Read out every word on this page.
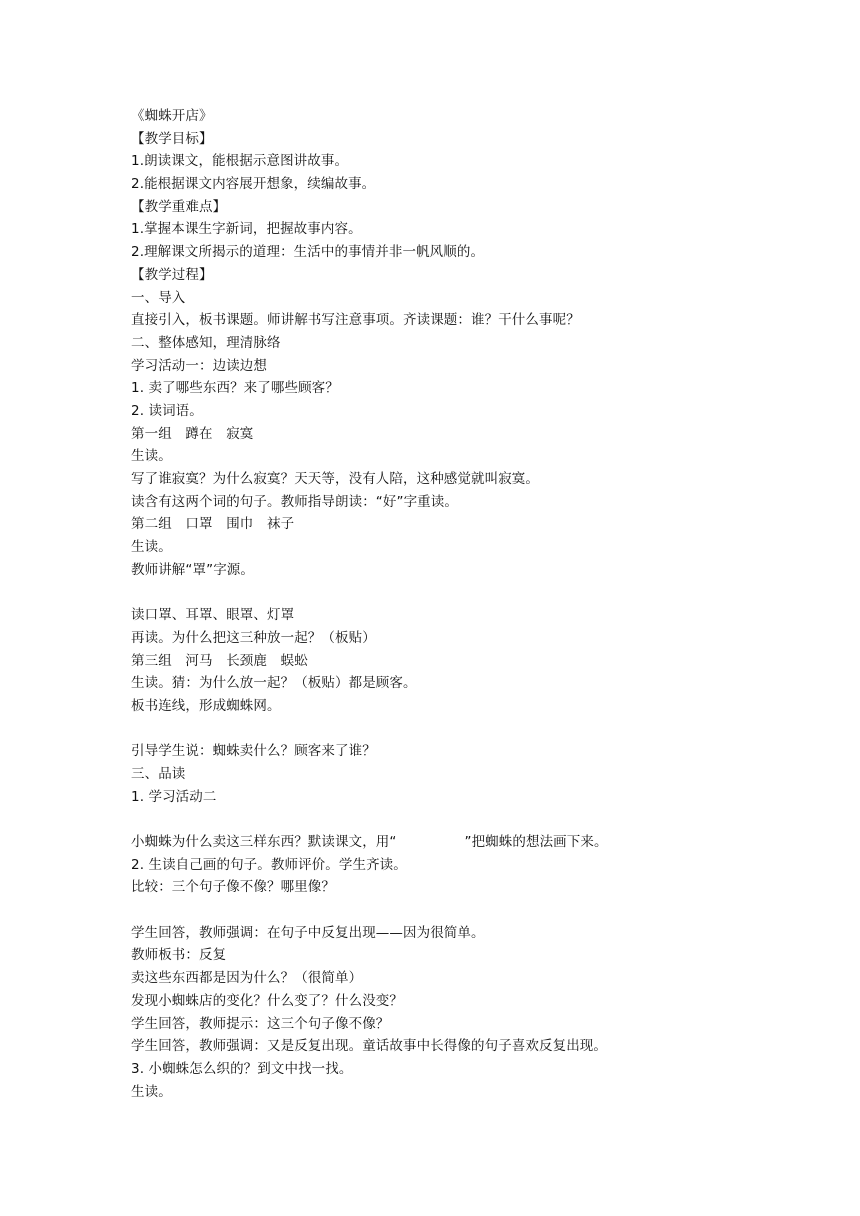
《蜘蛛开店》
【教学目标】
1.朗读课文，能根据示意图讲故事。
2.能根据课文内容展开想象，续编故事。
【教学重难点】
1.掌握本课生字新词，把握故事内容。
2.理解课文所揭示的道理：生活中的事情并非一帆风顺的。
【教学过程】
一、导入
直接引入，板书课题。师讲解书写注意事项。齐读课题：谁？干什么事呢？
二、整体感知，理清脉络
学习活动一：边读边想
1. 卖了哪些东西？来了哪些顾客？
2. 读词语。
第一组　蹲在　寂寞
生读。
写了谁寂寞？为什么寂寞？天天等，没有人陪，这种感觉就叫寂寞。
读含有这两个词的句子。教师指导朗读：“好”字重读。
第二组　口罩　围巾　袜子
生读。
教师讲解“罩”字源。
读口罩、耳罩、眼罩、灯罩
再读。为什么把这三种放一起？（板贴）
第三组　河马　长颈鹿　蜈蚣
生读。猜：为什么放一起？（板贴）都是顾客。
板书连线，形成蜘蛛网。
引导学生说：蜘蛛卖什么？顾客来了谁？
三、品读
1. 学习活动二
小蜘蛛为什么卖这三样东西？默读课文，用“　　　　　”把蜘蛛的想法画下来。
2. 生读自己画的句子。教师评价。学生齐读。
比较：三个句子像不像？哪里像？
学生回答，教师强调：在句子中反复出现——因为很简单。
教师板书：反复
卖这些东西都是因为什么？（很简单）
发现小蜘蛛店的变化？什么变了？什么没变？
学生回答，教师提示：这三个句子像不像？
学生回答，教师强调：又是反复出现。童话故事中长得像的句子喜欢反复出现。
3. 小蜘蛛怎么织的？到文中找一找。
生读。
